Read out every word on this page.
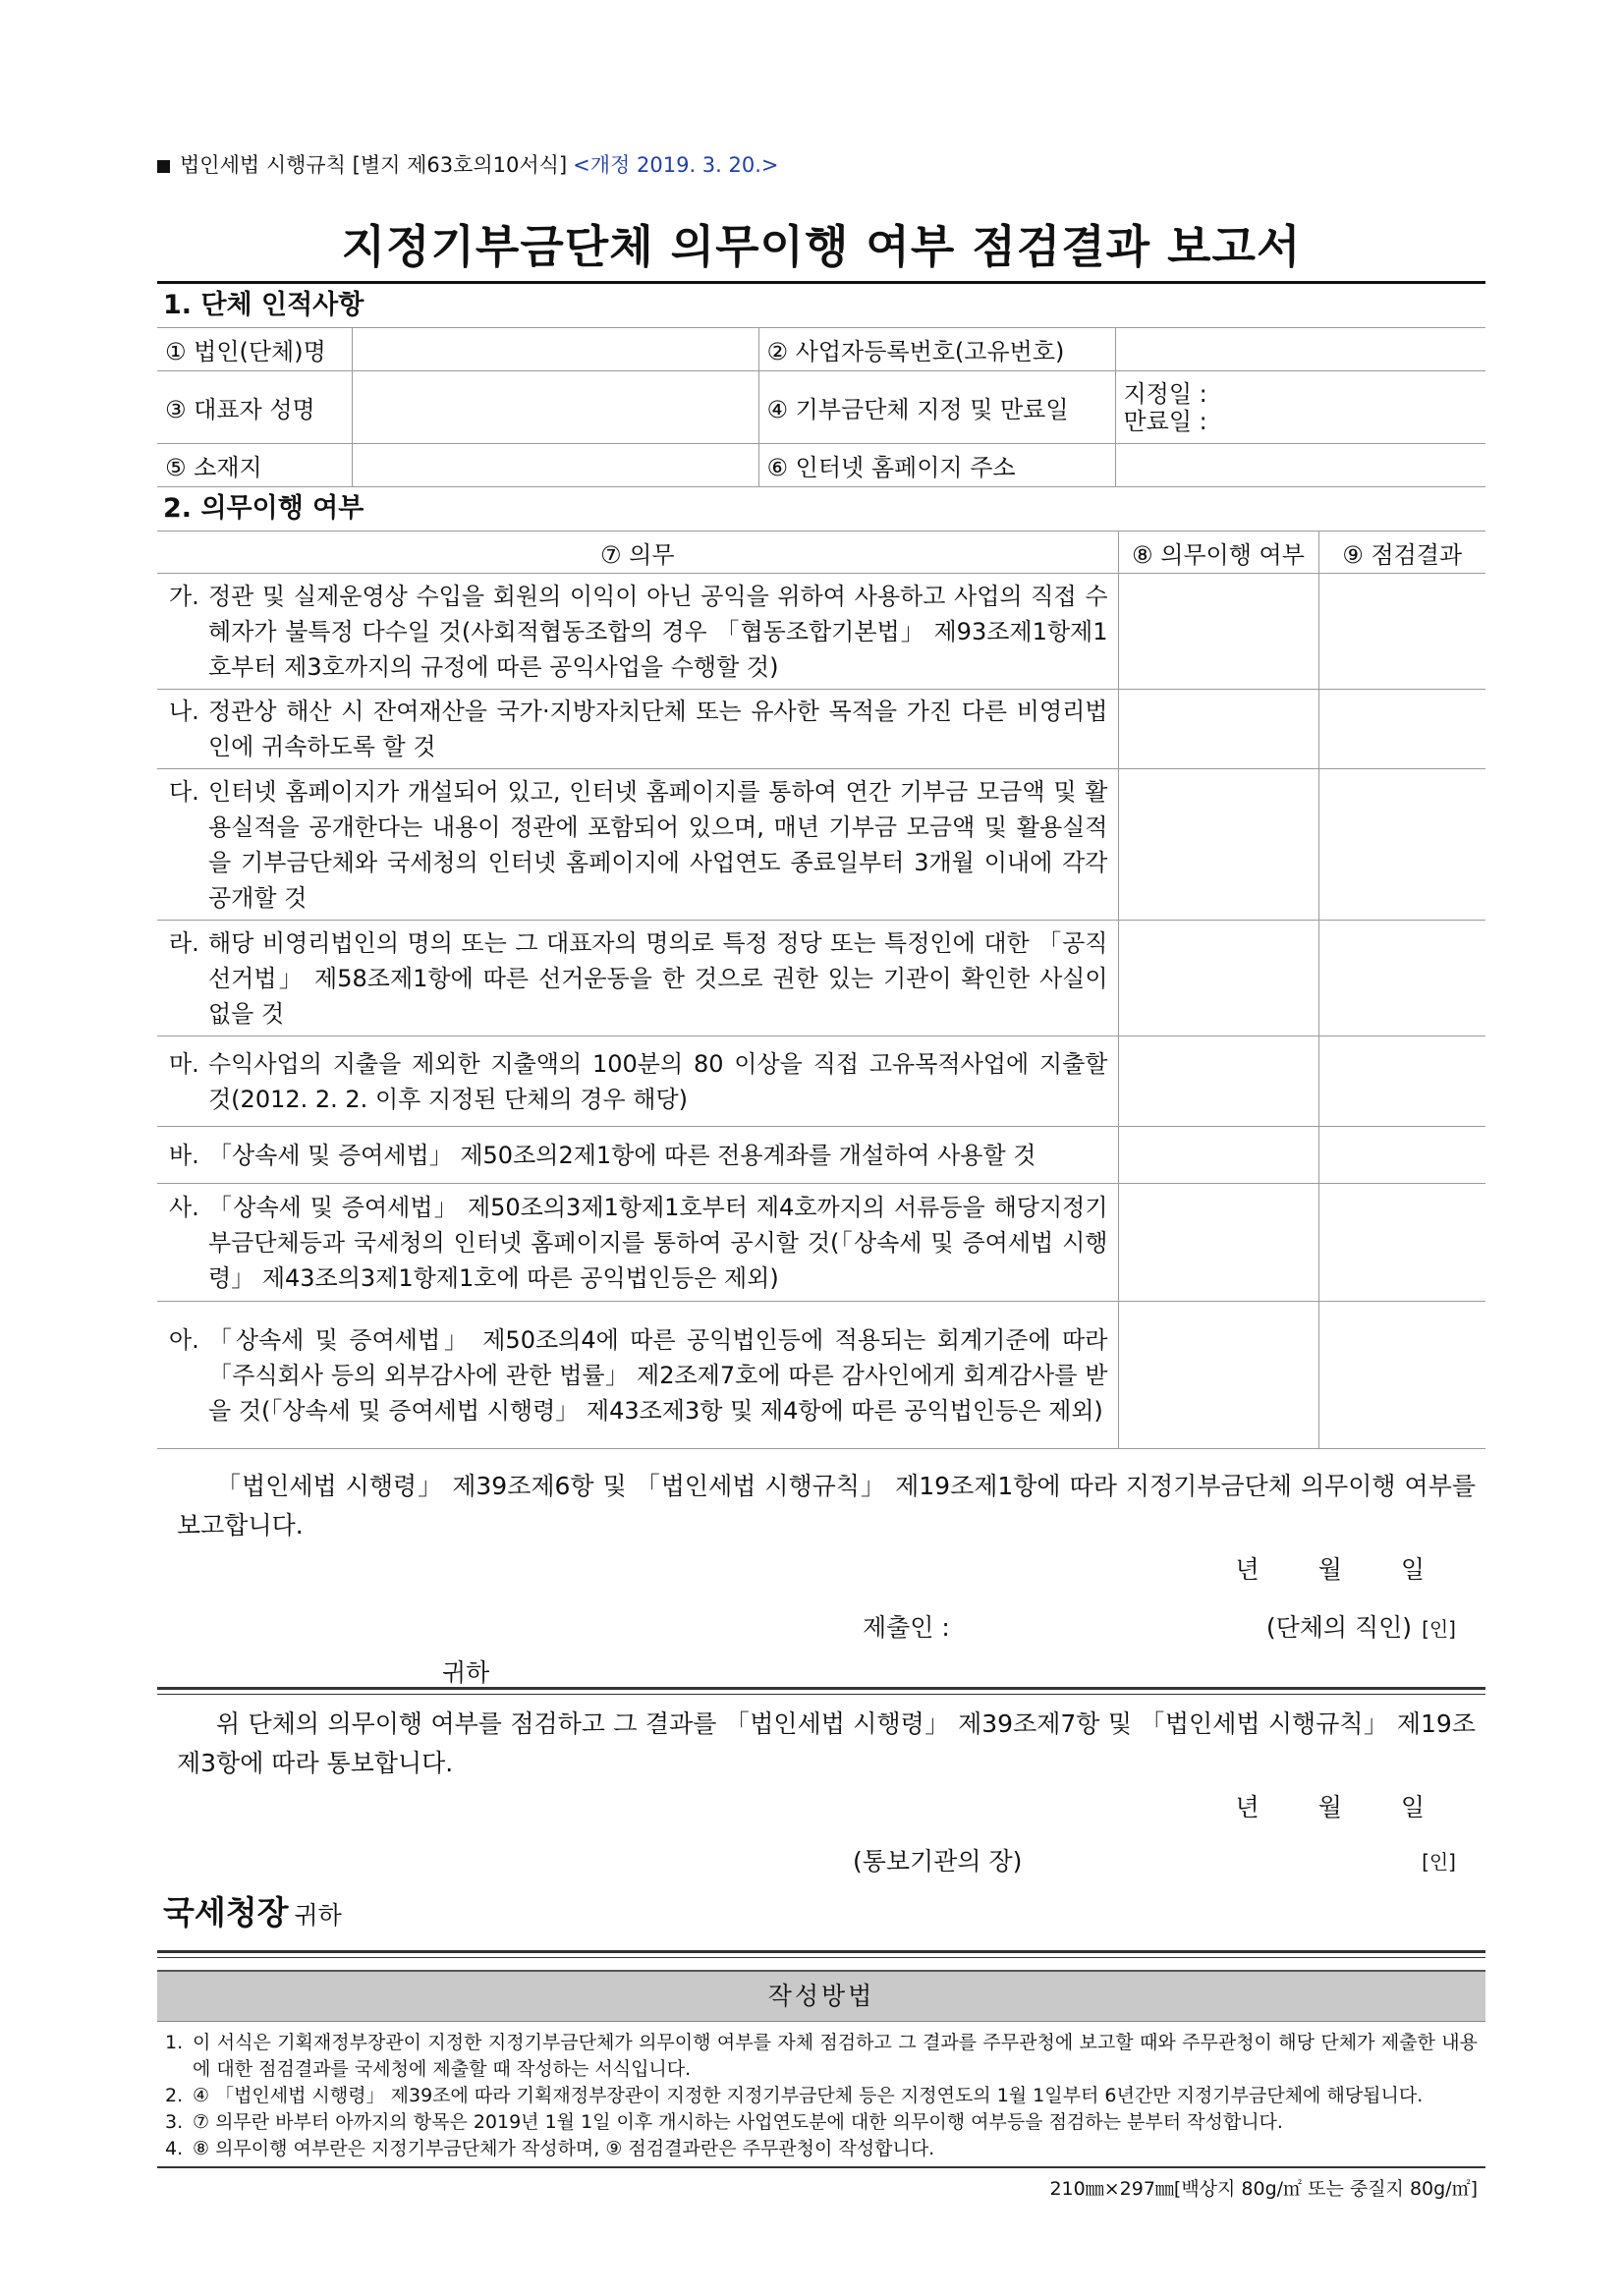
법인세법 시행규칙 [별지 제63호의10서식] <개정 2019. 3. 20.>
지정기부금단체 의무이행 여부 점검결과 보고서
1. 단체 인적사항
① 법인(단체)명		② 사업자등록번호(고유번호)	
③ 대표자 성명		④ 기부금단체 지정 및 만료일	지정일 :
만료일 :

⑤ 소재지		⑥ 인터넷 홈페이지 주소	
2. 의무이행 여부
⑦ 의무	⑧ 의무이행 여부	⑨ 점검결과

가. 정관 및 실제운영상 수입을 회원의 이익이 아닌 공익을 위하여 사용하고 사업의 직접 수혜자가 불특정 다수일 것(사회적협동조합의 경우 「협동조합기본법」 제93조제1항제1호부터 제3호까지의 규정에 따른 공익사업을 수행할 것)		

나. 정관상 해산 시 잔여재산을 국가·지방자치단체 또는 유사한 목적을 가진 다른 비영리법인에 귀속하도록 할 것		

다. 인터넷 홈페이지가 개설되어 있고, 인터넷 홈페이지를 통하여 연간 기부금 모금액 및 활용실적을 공개한다는 내용이 정관에 포함되어 있으며, 매년 기부금 모금액 및 활용실적을 기부금단체와 국세청의 인터넷 홈페이지에 사업연도 종료일부터 3개월 이내에 각각 공개할 것		

라. 해당 비영리법인의 명의 또는 그 대표자의 명의로 특정 정당 또는 특정인에 대한 「공직선거법」 제58조제1항에 따른 선거운동을 한 것으로 권한 있는 기관이 확인한 사실이 없을 것		

마. 수익사업의 지출을 제외한 지출액의 100분의 80 이상을 직접 고유목적사업에 지출할 것(2012. 2. 2. 이후 지정된 단체의 경우 해당)		

바. 「상속세 및 증여세법」 제50조의2제1항에 따른 전용계좌를 개설하여 사용할 것		

사. 「상속세 및 증여세법」 제50조의3제1항제1호부터 제4호까지의 서류등을 해당지정기부금단체등과 국세청의 인터넷 홈페이지를 통하여 공시할 것(「상속세 및 증여세법 시행령」 제43조의3제1항제1호에 따른 공익법인등은 제외)		

아. 「상속세 및 증여세법」 제50조의4에 따른 공익법인등에 적용되는 회계기준에 따라 「주식회사 등의 외부감사에 관한 법률」 제2조제7호에 따른 감사인에게 회계감사를 받을 것(「상속세 및 증여세법 시행령」 제43조제3항 및 제4항에 따른 공익법인등은 제외)		

「법인세법 시행령」 제39조제6항 및 「법인세법 시행규칙」 제19조제1항에 따라 지정기부금단체 의무이행 여부를 보고합니다.
년 월 일
제출인 :	(단체의 직인) [인]
귀하
위 단체의 의무이행 여부를 점검하고 그 결과를 「법인세법 시행령」 제39조제7항 및 「법인세법 시행규칙」 제19조제3항에 따라 통보합니다.
년 월 일
(통보기관의 장)	[인]
국세청장 귀하
작성방법
1. 이 서식은 기획재정부장관이 지정한 지정기부금단체가 의무이행 여부를 자체 점검하고 그 결과를 주무관청에 보고할 때와 주무관청이 해당 단체가 제출한 내용에 대한 점검결과를 국세청에 제출할 때 작성하는 서식입니다.
2. ④ 「법인세법 시행령」 제39조에 따라 기획재정부장관이 지정한 지정기부금단체 등은 지정연도의 1월 1일부터 6년간만 지정기부금단체에 해당됩니다.
3. ⑦ 의무란 바부터 아까지의 항목은 2019년 1월 1일 이후 개시하는 사업연도분에 대한 의무이행 여부등을 점검하는 분부터 작성합니다.
4. ⑧ 의무이행 여부란은 지정기부금단체가 작성하며, ⑨ 점검결과란은 주무관청이 작성합니다.
210㎜×297㎜[백상지 80g/㎡ 또는 중질지 80g/㎡]
